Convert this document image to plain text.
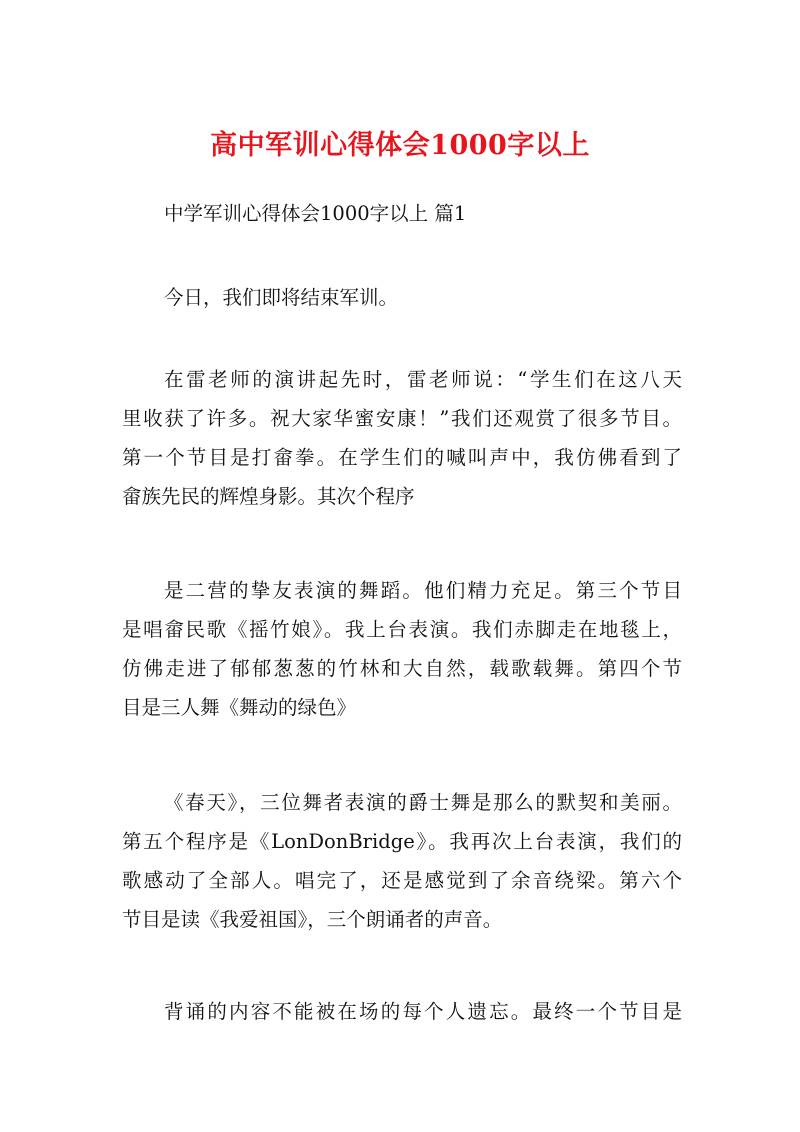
高中军训心得体会1000字以上
中学军训心得体会1000字以上 篇1
今日，我们即将结束军训。
在雷老师的演讲起先时，雷老师说：“学生们在这八天
里收获了许多。祝大家华蜜安康！”我们还观赏了很多节目。
第一个节目是打畲拳。在学生们的喊叫声中，我仿佛看到了
畲族先民的辉煌身影。其次个程序
是二营的挚友表演的舞蹈。他们精力充足。第三个节目
是唱畲民歌《摇竹娘》。我上台表演。我们赤脚走在地毯上，
仿佛走进了郁郁葱葱的竹林和大自然，载歌载舞。第四个节
目是三人舞《舞动的绿色》
《春天》，三位舞者表演的爵士舞是那么的默契和美丽。
第五个程序是《LonDonBridge》。我再次上台表演，我们的
歌感动了全部人。唱完了，还是感觉到了余音绕梁。第六个
节目是读《我爱祖国》，三个朗诵者的声音。
背诵的内容不能被在场的每个人遗忘。最终一个节目是
